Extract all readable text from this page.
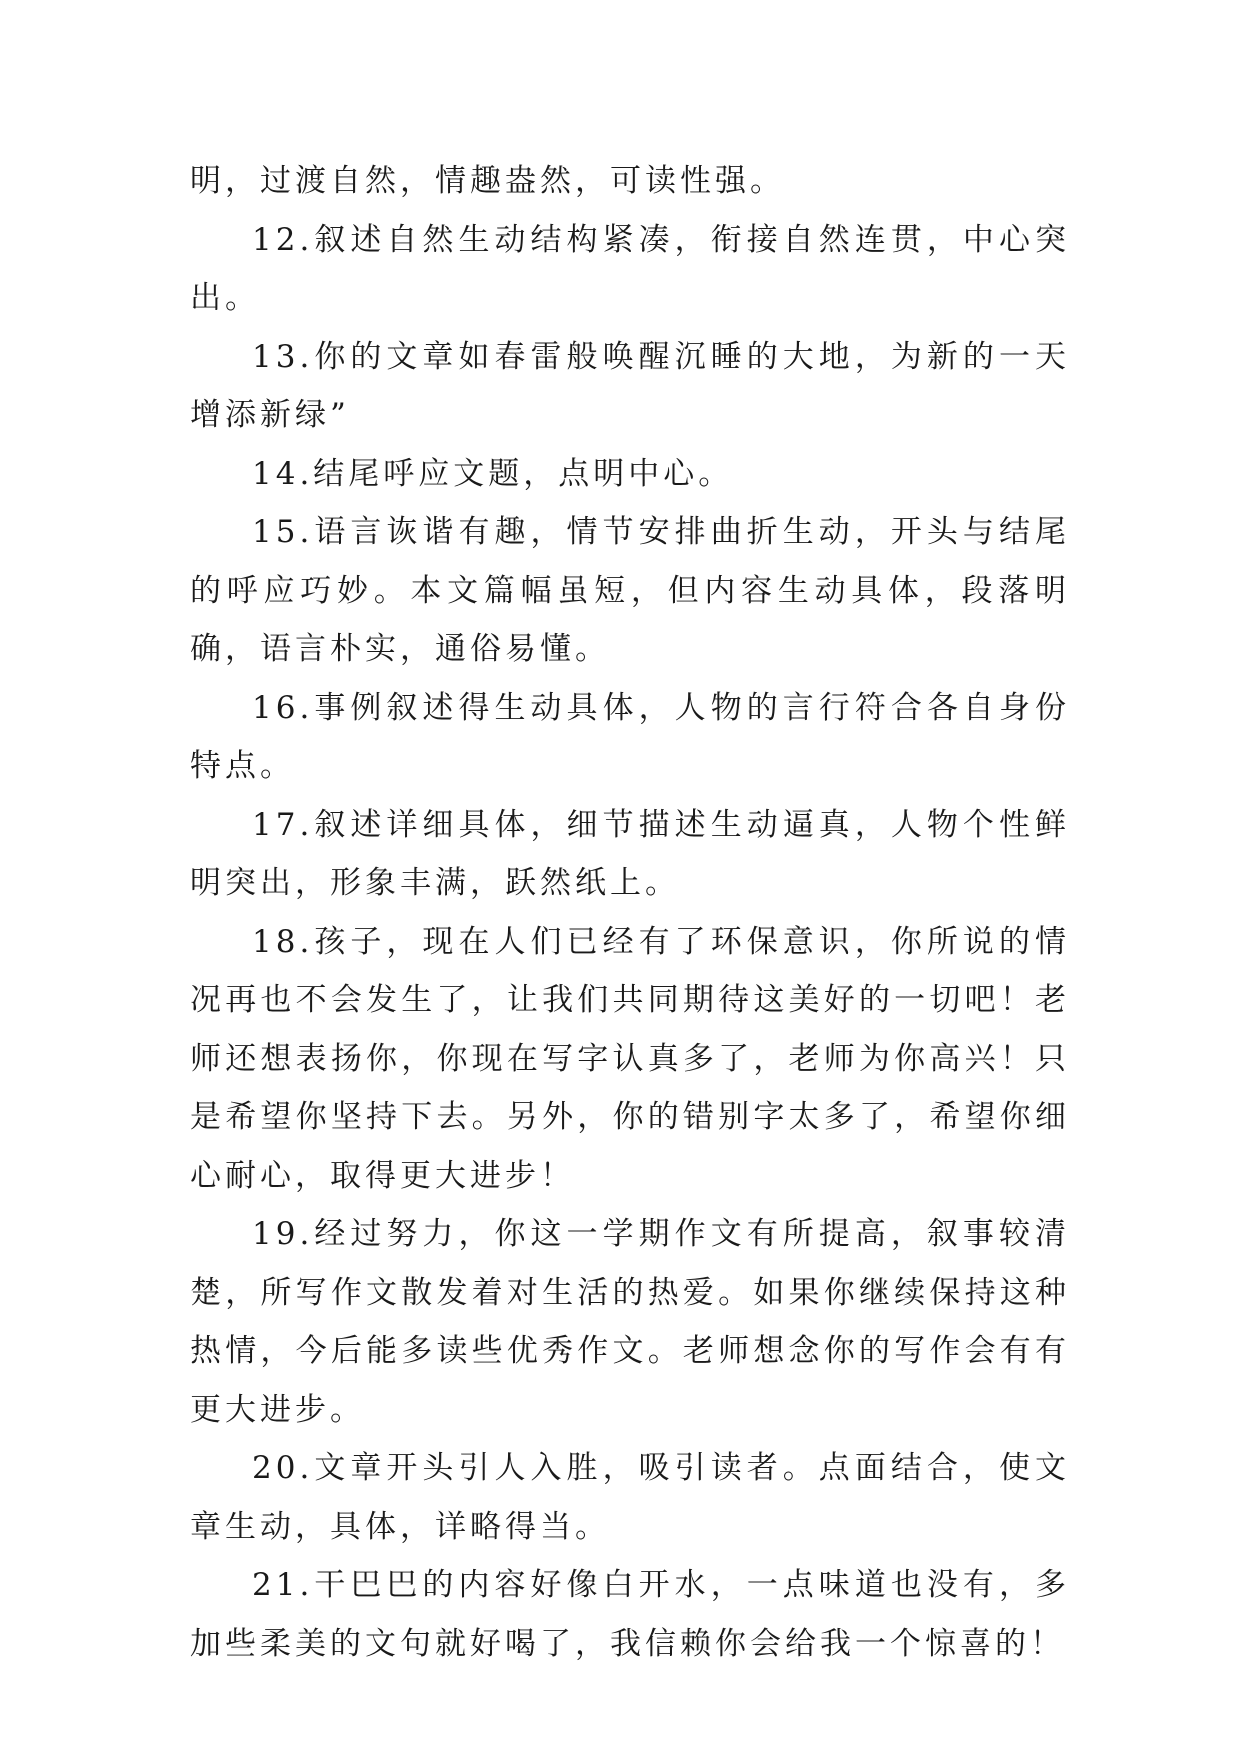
明，过渡自然，情趣盎然，可读性强。

12.叙述自然生动结构紧凑，衔接自然连贯，中心突出。

13.你的文章如春雷般唤醒沉睡的大地，为新的一天增添新绿”

14.结尾呼应文题，点明中心。

15.语言诙谐有趣，情节安排曲折生动，开头与结尾的呼应巧妙。本文篇幅虽短，但内容生动具体，段落明确，语言朴实，通俗易懂。

16.事例叙述得生动具体，人物的言行符合各自身份特点。

17.叙述详细具体，细节描述生动逼真，人物个性鲜明突出，形象丰满，跃然纸上。

18.孩子，现在人们已经有了环保意识，你所说的情况再也不会发生了，让我们共同期待这美好的一切吧！老师还想表扬你，你现在写字认真多了，老师为你高兴！只是希望你坚持下去。另外，你的错别字太多了，希望你细心耐心，取得更大进步！

19.经过努力，你这一学期作文有所提高，叙事较清楚，所写作文散发着对生活的热爱。如果你继续保持这种热情，今后能多读些优秀作文。老师想念你的写作会有有更大进步。

20.文章开头引人入胜，吸引读者。点面结合，使文章生动，具体，详略得当。

21.干巴巴的内容好像白开水，一点味道也没有，多加些柔美的文句就好喝了，我信赖你会给我一个惊喜的！
